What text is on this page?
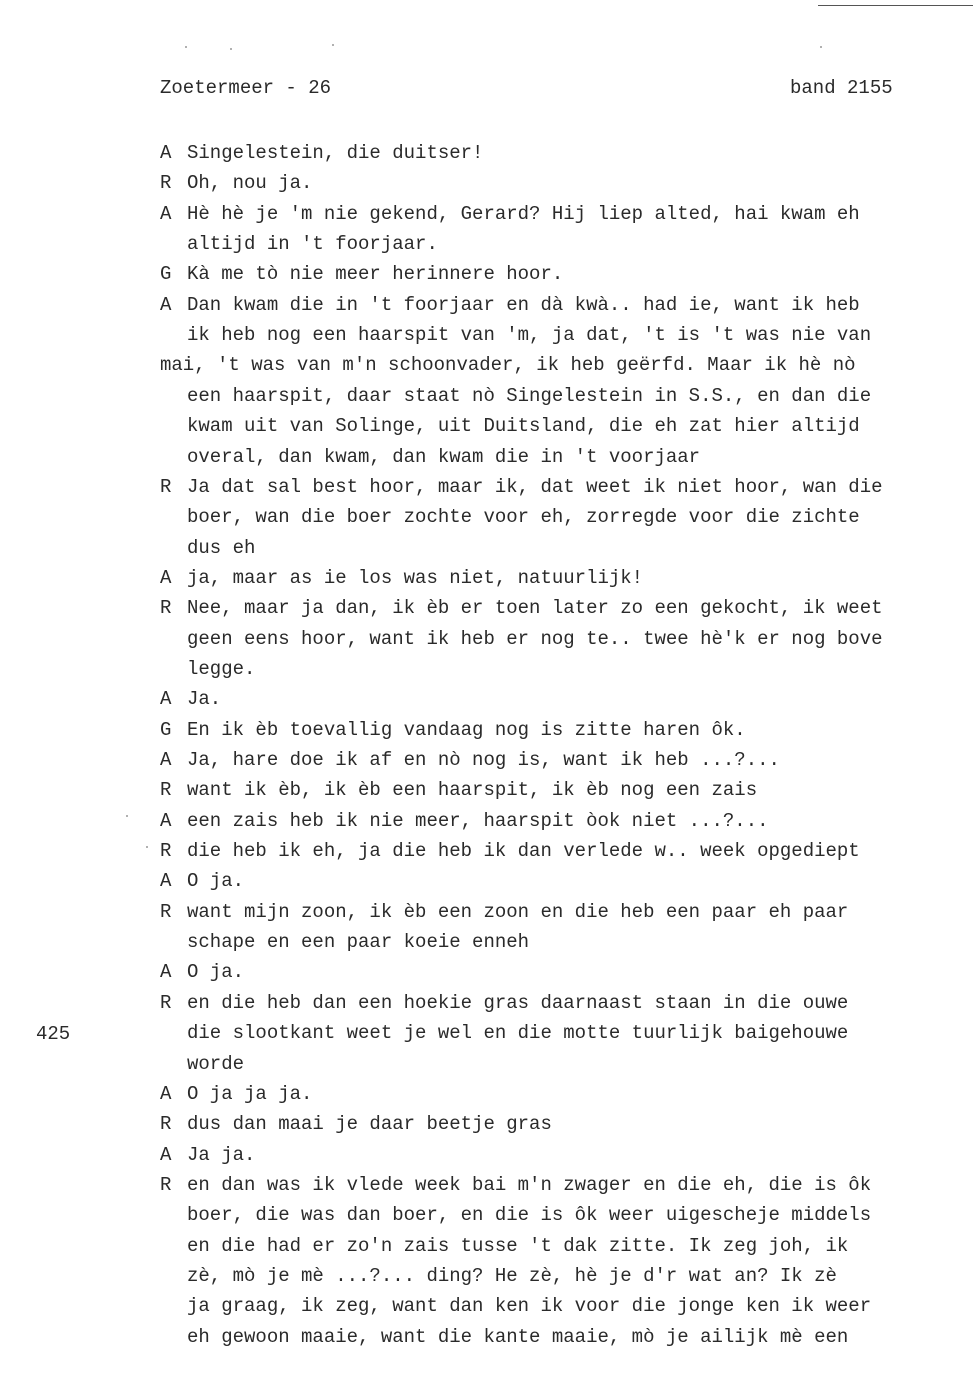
Zoetermeer - 26	band 2155
425
A Singelestein, die duitser!
R Oh, nou ja.
A Hè hè je 'm nie gekend, Gerard? Hij liep alted, hai kwam eh
altijd in 't foorjaar.
G Kà me tò nie meer herinnere hoor.
A Dan kwam die in 't foorjaar en dà kwà.. had ie, want ik heb
ik heb nog een haarspit van 'm, ja dat, 't is 't was nie van
mai, 't was van m'n schoonvader, ik heb geërfd. Maar ik hè nò
een haarspit, daar staat nò Singelestein in S.S., en dan die
kwam uit van Solinge, uit Duitsland, die eh zat hier altijd
overal, dan kwam, dan kwam die in 't voorjaar
R Ja dat sal best hoor, maar ik, dat weet ik niet hoor, wan die
boer, wan die boer zochte voor eh, zorregde voor die zichte
dus eh
A ja, maar as ie los was niet, natuurlijk!
R Nee, maar ja dan, ik èb er toen later zo een gekocht, ik weet
geen eens hoor, want ik heb er nog te.. twee hè'k er nog bove
legge.
A Ja.
G En ik èb toevallig vandaag nog is zitte haren ôk.
A Ja, hare doe ik af en nò nog is, want ik heb ...?...
R want ik èb, ik èb een haarspit, ik èb nog een zais
A een zais heb ik nie meer, haarspit òok niet ...?...
R die heb ik eh, ja die heb ik dan verlede w.. week opgediept
A O ja.
R want mijn zoon, ik èb een zoon en die heb een paar eh paar
schape en een paar koeie enneh
A O ja.
R en die heb dan een hoekie gras daarnaast staan in die ouwe
die slootkant weet je wel en die motte tuurlijk baigehouwe
worde
A O ja ja ja.
R dus dan maai je daar beetje gras
A Ja ja.
R en dan was ik vlede week bai m'n zwager en die eh, die is ôk
boer, die was dan boer, en die is ôk weer uigescheje middels
en die had er zo'n zais tusse 't dak zitte. Ik zeg joh, ik
zè, mò je mè ...?... ding? He zè, hè je d'r wat an? Ik zè
ja graag, ik zeg, want dan ken ik voor die jonge ken ik weer
eh gewoon maaie, want die kante maaie, mò je ailijk mè een
